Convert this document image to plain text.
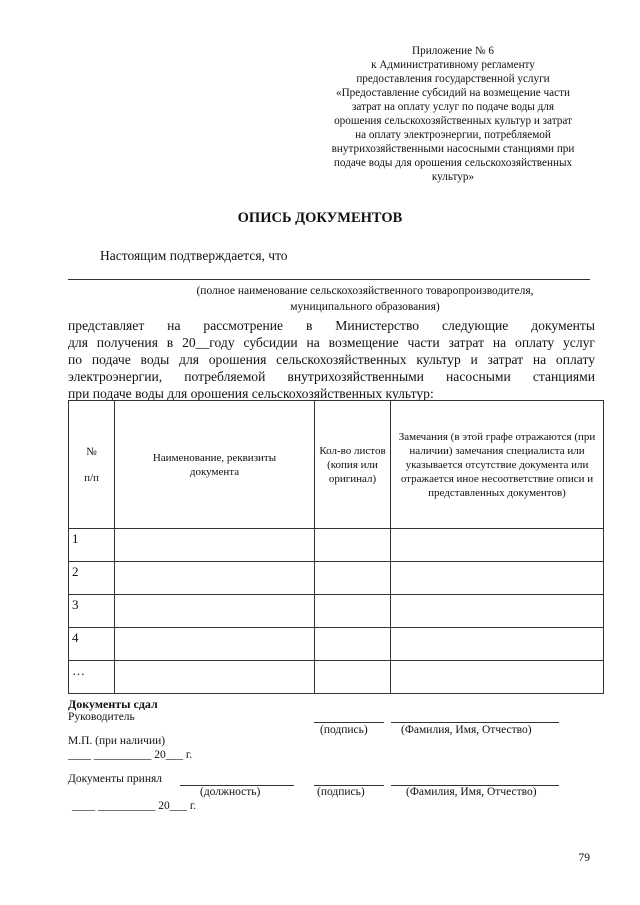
Приложение № 6
к Административному регламенту
предоставления государственной услуги
«Предоставление субсидий на возмещение части
затрат на оплату услуг по подаче воды для
орошения сельскохозяйственных культур и затрат
на оплату электроэнергии, потребляемой
внутрихозяйственными насосными станциями при
подаче воды для орошения сельскохозяйственных
культур»
ОПИСЬ ДОКУМЕНТОВ
Настоящим подтверждается, что
(полное наименование сельскохозяйственного товаропроизводителя,
муниципального образования)
представляет на рассмотрение в Министерство следующие документы
для получения в 20__году субсидии на возмещение части затрат на оплату услуг
по подаче воды для орошения сельскохозяйственных культур и затрат на оплату
электроэнергии, потребляемой внутрихозяйственными насосными станциями
при подаче воды для орошения сельскохозяйственных культур:
№
п/п	Наименование, реквизиты документа	Кол-во листов (копия или оригинал)	Замечания (в этой графе отражаются (при наличии) замечания специалиста или указывается отсутствие документа или отражается иное несоответствие описи и представленных документов)
1			
2			
3			
4			
…			
Документы сдал
Руководитель
(подпись)	(Фамилия, Имя, Отчество)
М.П. (при наличии)
____ __________ 20___ г.
Документы принял
(должность)	(подпись)	(Фамилия, Имя, Отчество)
____ __________ 20___ г.
79
